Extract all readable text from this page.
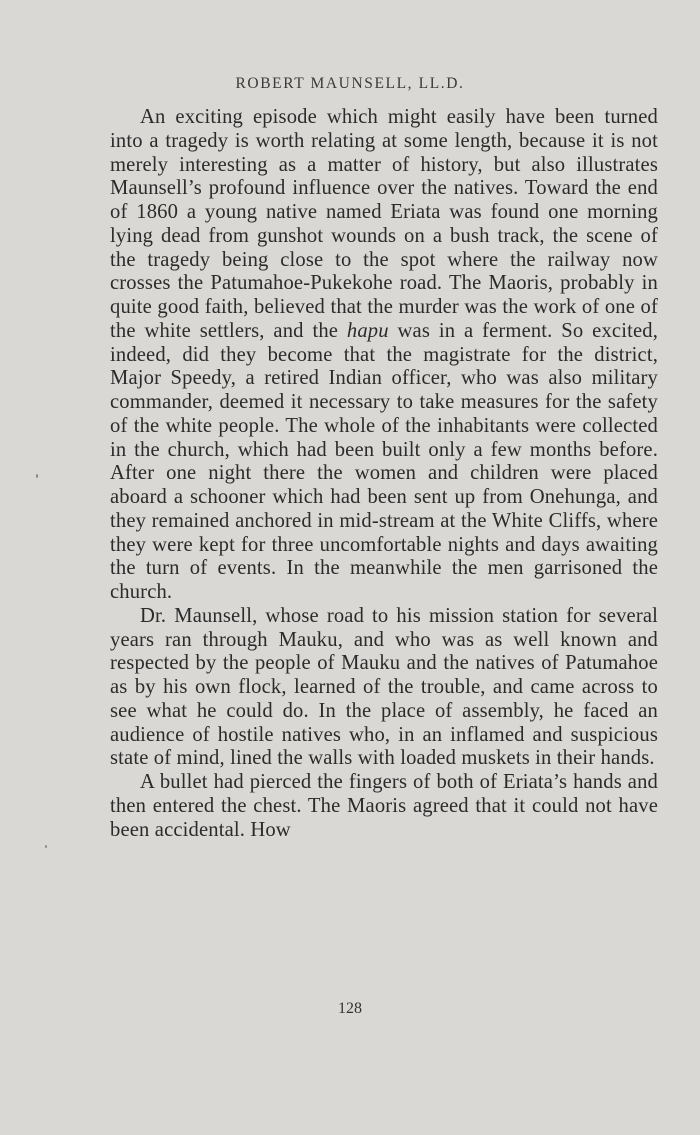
ROBERT MAUNSELL, LL.D.

An exciting episode which might easily have been turned into a tragedy is worth relating at some length, because it is not merely interesting as a matter of history, but also illustrates Maunsell’s profound influence over the natives. Toward the end of 1860 a young native named Eriata was found one morning lying dead from gunshot wounds on a bush track, the scene of the tragedy being close to the spot where the railway now crosses the Patumahoe-Pukekohe road. The Maoris, probably in quite good faith, believed that the murder was the work of one of the white settlers, and the hapu was in a ferment. So excited, indeed, did they become that the magistrate for the district, Major Speedy, a retired Indian officer, who was also military commander, deemed it necessary to take measures for the safety of the white people. The whole of the inhabitants were collected in the church, which had been built only a few months before. After one night there the women and children were placed aboard a schooner which had been sent up from Onehunga, and they remained anchored in mid-stream at the White Cliffs, where they were kept for three uncomfortable nights and days awaiting the turn of events. In the meanwhile the men garrisoned the church.

Dr. Maunsell, whose road to his mission station for several years ran through Mauku, and who was as well known and respected by the people of Mauku and the natives of Patumahoe as by his own flock, learned of the trouble, and came across to see what he could do. In the place of assembly, he faced an audience of hostile natives who, in an inflamed and suspicious state of mind, lined the walls with loaded muskets in their hands.

A bullet had pierced the fingers of both of Eriata’s hands and then entered the chest. The Maoris agreed that it could not have been accidental. How

128
